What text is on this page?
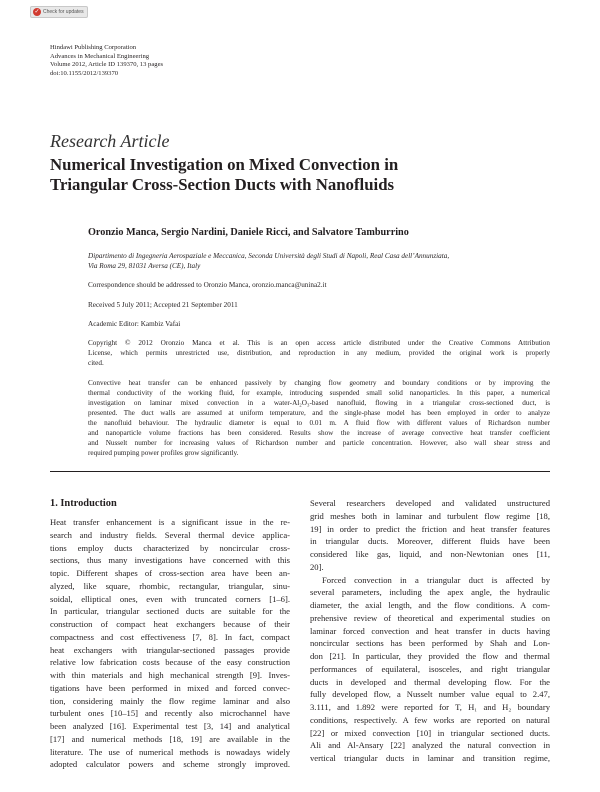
✓ Check for updates
Hindawi Publishing Corporation
Advances in Mechanical Engineering
Volume 2012, Article ID 139370, 13 pages
doi:10.1155/2012/139370
Research Article
Numerical Investigation on Mixed Convection in
Triangular Cross-Section Ducts with Nanofluids
Oronzio Manca, Sergio Nardini, Daniele Ricci, and Salvatore Tamburrino
Dipartimento di Ingegneria Aerospaziale e Meccanica, Seconda Università degli Studi di Napoli, Real Casa dell’Annunziata,
Via Roma 29, 81031 Aversa (CE), Italy
Correspondence should be addressed to Oronzio Manca, oronzio.manca@unina2.it
Received 5 July 2011; Accepted 21 September 2011
Academic Editor: Kambiz Vafai
Copyright © 2012 Oronzio Manca et al. This is an open access article distributed under the Creative Commons Attribution
License, which permits unrestricted use, distribution, and reproduction in any medium, provided the original work is properly
cited.
Convective heat transfer can be enhanced passively by changing flow geometry and boundary conditions or by improving the
thermal conductivity of the working fluid, for example, introducing suspended small solid nanoparticles. In this paper, a numerical
investigation on laminar mixed convection in a water-Al₂O₃-based nanofluid, flowing in a triangular cross-sectioned duct, is
presented. The duct walls are assumed at uniform temperature, and the single-phase model has been employed in order to analyze
the nanofluid behaviour. The hydraulic diameter is equal to 0.01 m. A fluid flow with different values of Richardson number
and nanoparticle volume fractions has been considered. Results show the increase of average convective heat transfer coefficient
and Nusselt number for increasing values of Richardson number and particle concentration. However, also wall shear stress and
required pumping power profiles grow significantly.
1. Introduction
Heat transfer enhancement is a significant issue in the re-
search and industry fields. Several thermal device applica-
tions employ ducts characterized by noncircular cross-
sections, thus many investigations have concerned with this
topic. Different shapes of cross-section area have been an-
alyzed, like square, rhombic, rectangular, triangular, sinu-
soidal, elliptical ones, even with truncated corners [1–6].
In particular, triangular sectioned ducts are suitable for the
construction of compact heat exchangers because of their
compactness and cost effectiveness [7, 8]. In fact, compact
heat exchangers with triangular-sectioned passages provide
relative low fabrication costs because of the easy construction
with thin materials and high mechanical strength [9]. Inves-
tigations have been performed in mixed and forced convec-
tion, considering mainly the flow regime laminar and also
turbulent ones [10–15] and recently also microchannel have
been analyzed [16]. Experimental test [3, 14] and analytical
[17] and numerical methods [18, 19] are available in the
literature. The use of numerical methods is nowadays widely
adopted calculator powers and scheme strongly improved.
Several researchers developed and validated unstructured
grid meshes both in laminar and turbulent flow regime [18,
19] in order to predict the friction and heat transfer features
in triangular ducts. Moreover, different fluids have been
considered like gas, liquid, and non-Newtonian ones [11,
20].
Forced convection in a triangular duct is affected by
several parameters, including the apex angle, the hydraulic
diameter, the axial length, and the flow conditions. A com-
prehensive review of theoretical and experimental studies on
laminar forced convection and heat transfer in ducts having
noncircular sections has been performed by Shah and Lon-
don [21]. In particular, they provided the flow and thermal
performances of equilateral, isosceles, and right triangular
ducts in developed and thermal developing flow. For the
fully developed flow, a Nusselt number value equal to 2.47,
3.111, and 1.892 were reported for T, H₁ and H₂ boundary
conditions, respectively. A few works are reported on natural
[22] or mixed convection [10] in triangular sectioned ducts.
Ali and Al-Ansary [22] analyzed the natural convection in
vertical triangular ducts in laminar and transition regime,
